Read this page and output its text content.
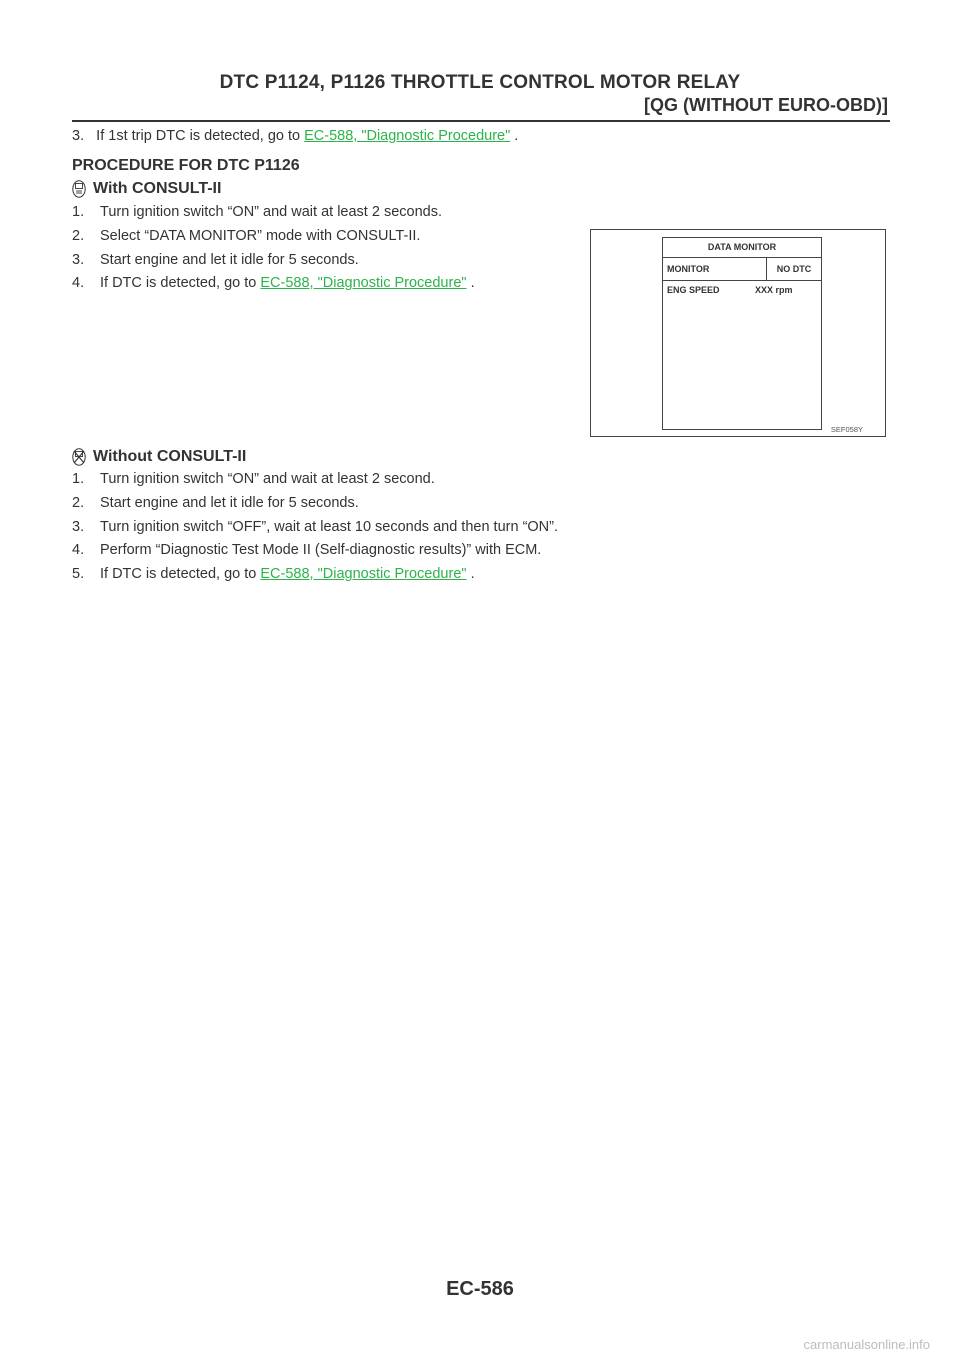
DTC P1124, P1126 THROTTLE CONTROL MOTOR RELAY
[QG (WITHOUT EURO-OBD)]
3.   If 1st trip DTC is detected, go to EC-588, "Diagnostic Procedure" .
PROCEDURE FOR DTC P1126
With CONSULT-II
1. Turn ignition switch “ON” and wait at least 2 seconds.
2. Select “DATA MONITOR” mode with CONSULT-II.
3. Start engine and let it idle for 5 seconds.
4. If DTC is detected, go to EC-588, "Diagnostic Procedure" .
DATA MONITOR
MONITOR	NO DTC
ENG SPEED	XXX rpm
SEF058Y
Without CONSULT-II
1. Turn ignition switch “ON” and wait at least 2 second.
2. Start engine and let it idle for 5 seconds.
3. Turn ignition switch “OFF”, wait at least 10 seconds and then turn “ON”.
4. Perform “Diagnostic Test Mode II (Self-diagnostic results)” with ECM.
5. If DTC is detected, go to EC-588, "Diagnostic Procedure" .
EC-586
carmanualsonline.info
